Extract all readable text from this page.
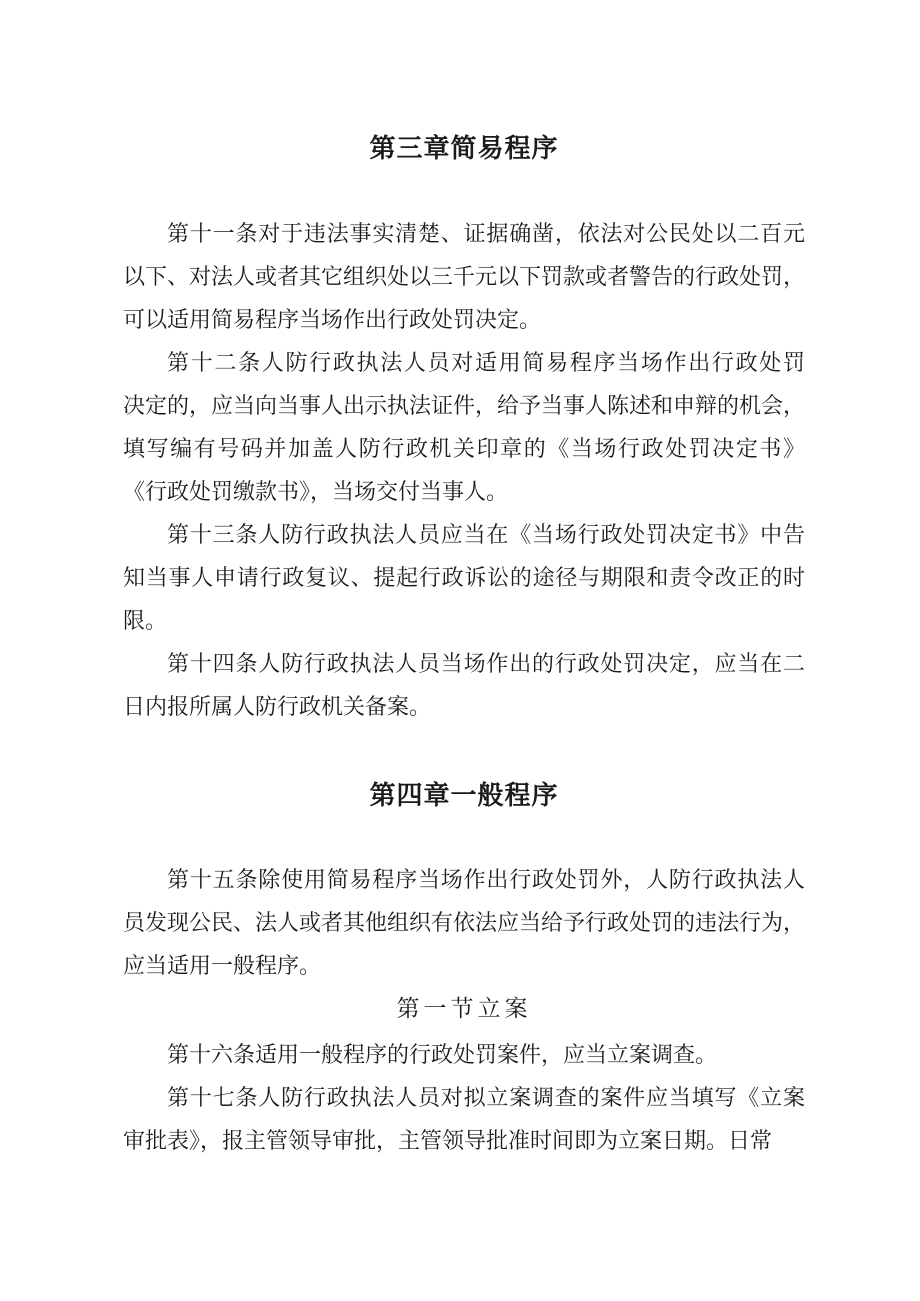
第三章简易程序
第十一条对于违法事实清楚、证据确凿，依法对公民处以二百元
以下、对法人或者其它组织处以三千元以下罚款或者警告的行政处罚，
可以适用简易程序当场作出行政处罚决定。
第十二条人防行政执法人员对适用简易程序当场作出行政处罚
决定的，应当向当事人出示执法证件，给予当事人陈述和申辩的机会，
填写编有号码并加盖人防行政机关印章的《当场行政处罚决定书》
《行政处罚缴款书》，当场交付当事人。
第十三条人防行政执法人员应当在《当场行政处罚决定书》中告
知当事人申请行政复议、提起行政诉讼的途径与期限和责令改正的时
限。
第十四条人防行政执法人员当场作出的行政处罚决定，应当在二
日内报所属人防行政机关备案。
第四章一般程序
第十五条除使用简易程序当场作出行政处罚外，人防行政执法人
员发现公民、法人或者其他组织有依法应当给予行政处罚的违法行为，
应当适用一般程序。
第一节立案
第十六条适用一般程序的行政处罚案件，应当立案调查。
第十七条人防行政执法人员对拟立案调查的案件应当填写《立案
审批表》，报主管领导审批，主管领导批准时间即为立案日期。日常
